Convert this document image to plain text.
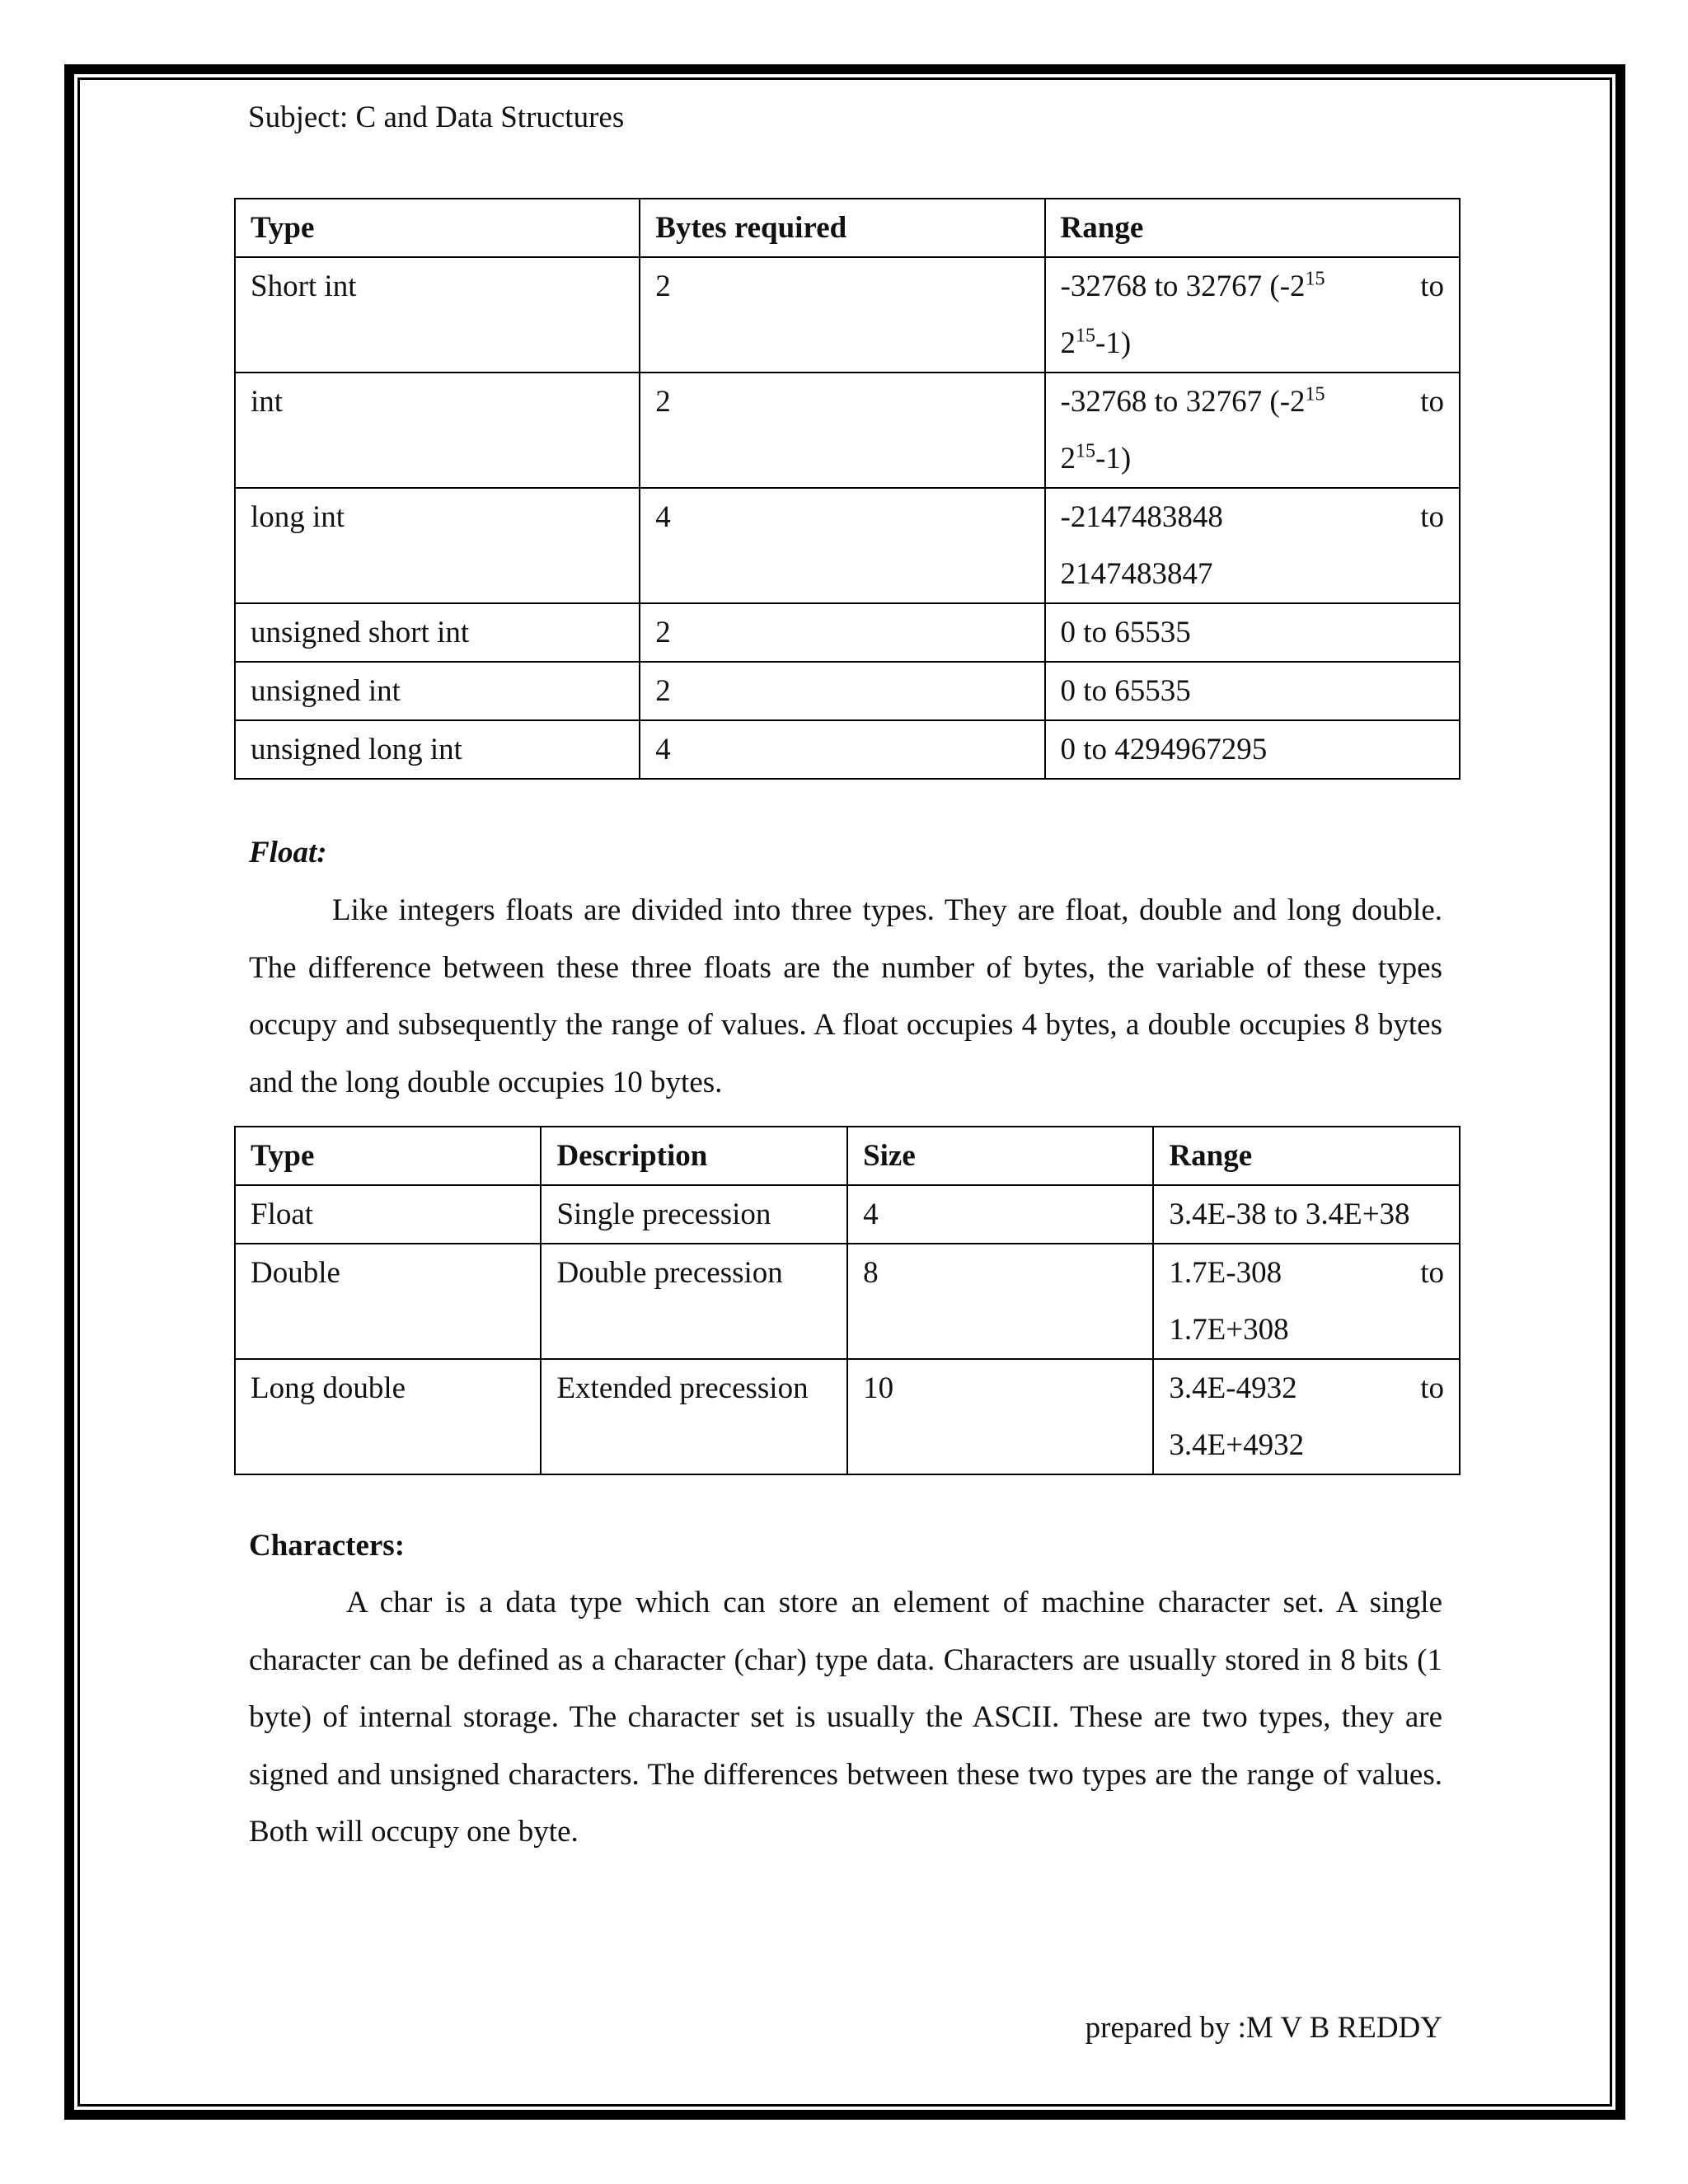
Subject: C and Data Structures
Type	Bytes required	Range
Short int	2	-32768 to 32767 ($-2^{15}$ to
$2^{15}-1$)

int	2	-32768 to 32767 ($-2^{15}$ to
$2^{15}-1$)

long int	4	-2147483848 to
2147483847

unsigned short int	2	0 to 65535
unsigned int	2	0 to 65535
unsigned long int	4	0 to 4294967295
Float:
Like integers floats are divided into three types. They are float, double and long double. The difference between these three floats are the number of bytes, the variable of these types occupy and subsequently the range of values. A float occupies 4 bytes, a double occupies 8 bytes and the long double occupies 10 bytes.
Type	Description	Size	Range
Float	Single precession	4	3.4E-38 to 3.4E+38
Double	Double precession	8	1.7E-308 to
1.7E+308

Long double	Extended precession	10	3.4E-4932 to
3.4E+4932
Characters:
A char is a data type which can store an element of machine character set. A single character can be defined as a character (char) type data. Characters are usually stored in 8 bits (1 byte) of internal storage. The character set is usually the ASCII. These are two types, they are signed and unsigned characters. The differences between these two types are the range of values. Both will occupy one byte.
prepared by :M V B REDDY
